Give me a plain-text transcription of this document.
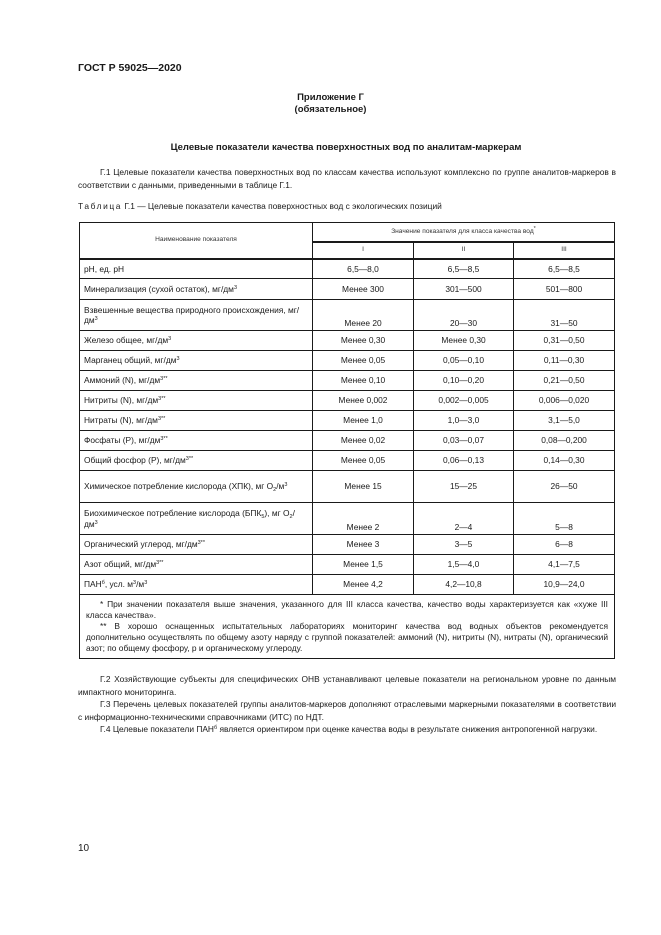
ГОСТ Р 59025—2020
Приложение Г
(обязательное)
Целевые показатели качества поверхностных вод по аналитам-маркерам
Г.1 Целевые показатели качества поверхностных вод по классам качества используют комплексно по группе аналитов-маркеров в соответствии с данными, приведенными в таблице Г.1.
Таблица Г.1 — Целевые показатели качества поверхностных вод с экологических позиций
Наименование показателя	Значение показателя для класса качества вод*
	I	II	III
pH, ед. pH	6,5—8,0	6,5—8,5	6,5—8,5
Минерализация (сухой остаток), $мг/дм^3$	Менее 300	301—500	501—800
Взвешенные вещества природного происхождения, $мг/дм^3$	Менее 20	20—30	31—50
Железо общее, $мг/дм^3$	Менее 0,30	Менее 0,30	0,31—0,50
Марганец общий, $мг/дм^3$	Менее 0,05	0,05—0,10	0,11—0,30
Аммоний (N), $мг/дм^{3**}$	Менее 0,10	0,10—0,20	0,21—0,50
Нитриты (N), $мг/дм^{3**}$	Менее 0,002	0,002—0,005	0,006—0,020
Нитраты (N), $мг/дм^{3**}$	Менее 1,0	1,0—3,0	3,1—5,0
Фосфаты (Р), $мг/дм^{3**}$	Менее 0,02	0,03—0,07	0,08—0,200
Общий фосфор (Р), $мг/дм^{3**}$	Менее 0,05	0,06—0,13	0,14—0,30
Химическое потребление кислорода (ХПК), мг $O_2/м^3$	Менее 15	15—25	26—50
Биохимическое потребление кислорода $(БПК_5)$, мг $O_2/дм^3$	Менее 2	2—4	5—8
Органический углерод, $мг/дм^{3**}$	Менее 3	3—5	6—8
Азот общий, $мг/дм^{3**}$	Менее 1,5	1,5—4,0	4,1—7,5
$ПАН^б$, усл. $м^3/м^3$	Менее 4,2	4,2—10,8	10,9—24,0

* При значении показателя выше значения, указанного для III класса качества, качество воды характеризуется как «хуже III класса качества».

** В хорошо оснащенных испытательных лабораториях мониторинг качества вод водных объектов рекомендуется дополнительно осуществлять по общему азоту наряду с группой показателей: аммоний (N), нитриты (N), нитраты (N), органический азот; по общему фосфору, р и органическому углероду.			

Г.2 Хозяйствующие субъекты для специфических ОНВ устанавливают целевые показатели на региональном уровне по данным импактного мониторинга.
Г.3 Перечень целевых показателей группы аналитов-маркеров дополняют отраслевыми маркерными показателями в соответствии с информационно-техническими справочниками (ИТС) по НДТ.
Г.4 Целевые показатели $ПАН^б$ является ориентиром при оценке качества воды в результате снижения антропогенной нагрузки.
10
